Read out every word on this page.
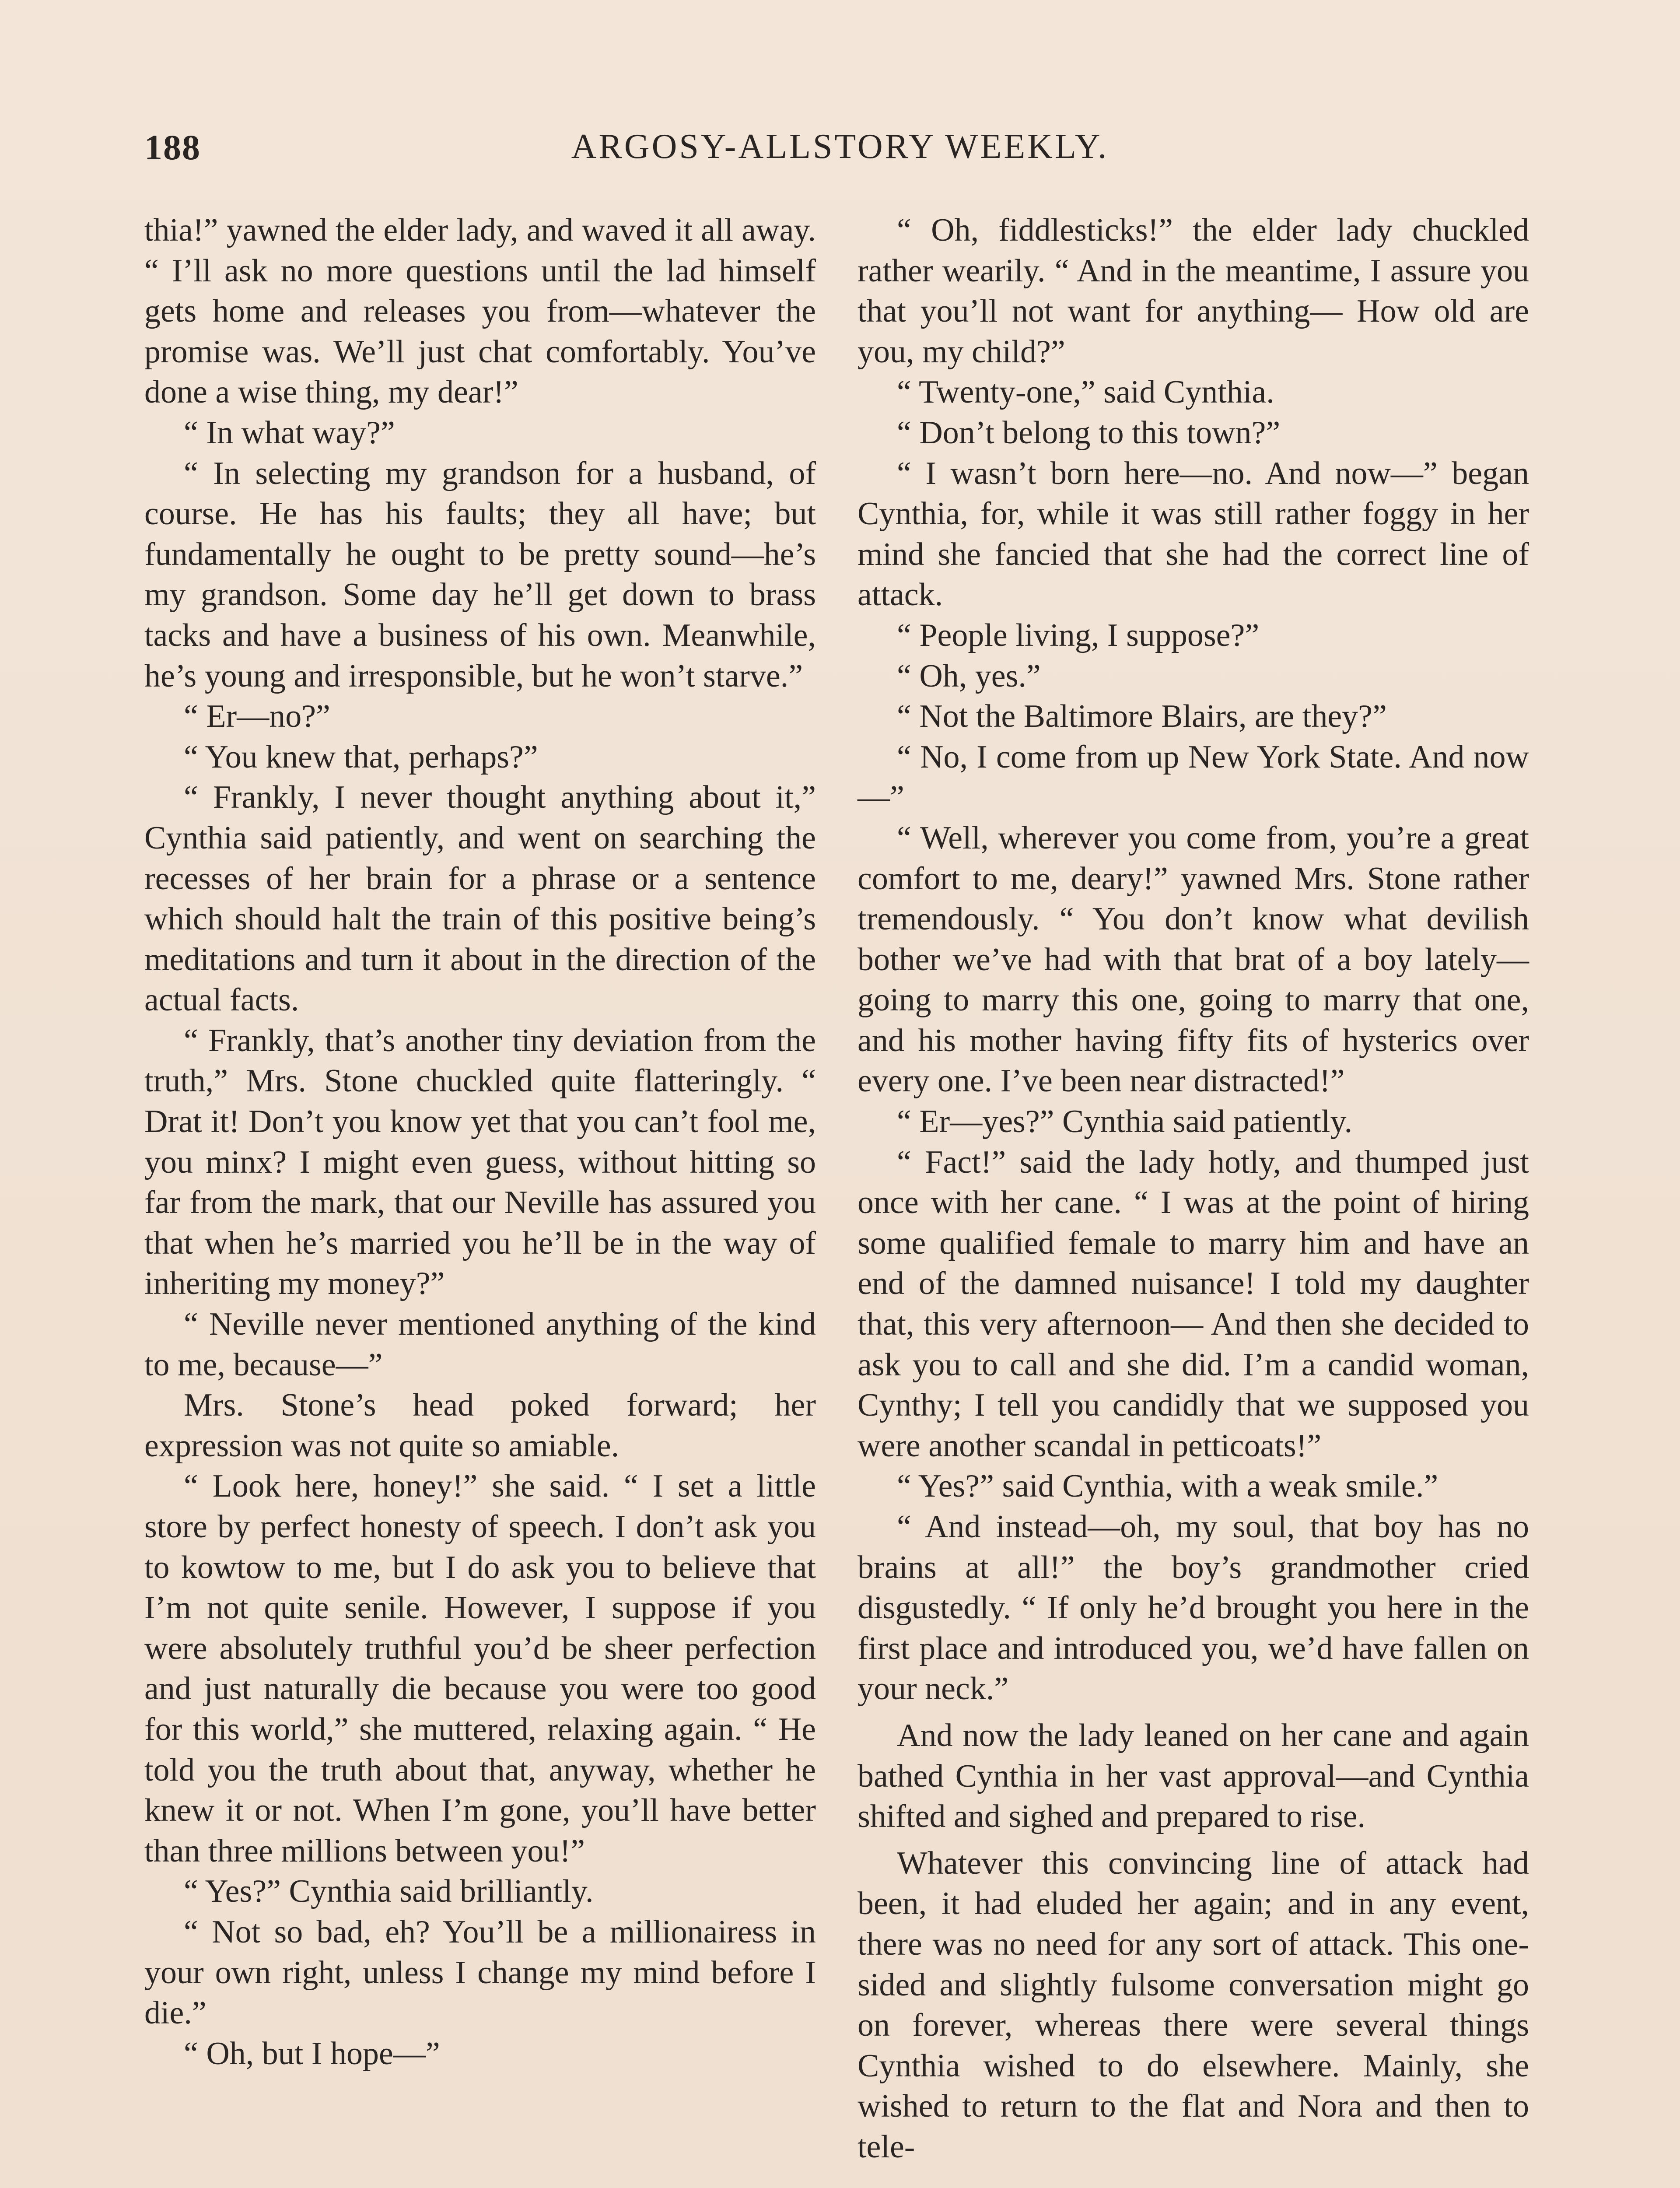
188	ARGOSY-ALLSTORY WEEKLY.

thia!” yawned the elder lady, and waved it all away. “ I’ll ask no more questions until the lad himself gets home and releases you from—whatever the promise was. We’ll just chat comfortably. You’ve done a wise thing, my dear!”

“ In what way?”

“ In selecting my grandson for a husband, of course. He has his faults; they all have; but fundamentally he ought to be pretty sound—he’s my grandson. Some day he’ll get down to brass tacks and have a business of his own. Meanwhile, he’s young and irresponsible, but he won’t starve.”

“ Er—no?”

“ You knew that, perhaps?”

“ Frankly, I never thought anything about it,” Cynthia said patiently, and went on searching the recesses of her brain for a phrase or a sentence which should halt the train of this positive being’s meditations and turn it about in the direction of the actual facts.

“ Frankly, that’s another tiny deviation from the truth,” Mrs. Stone chuckled quite flatteringly. “ Drat it! Don’t you know yet that you can’t fool me, you minx? I might even guess, without hitting so far from the mark, that our Neville has assured you that when he’s married you he’ll be in the way of inheriting my money?”

“ Neville never mentioned anything of the kind to me, because—”

Mrs. Stone’s head poked forward; her expression was not quite so amiable.

“ Look here, honey!” she said. “ I set a little store by perfect honesty of speech. I don’t ask you to kowtow to me, but I do ask you to believe that I’m not quite senile. However, I suppose if you were absolutely truthful you’d be sheer perfection and just naturally die because you were too good for this world,” she muttered, relaxing again. “ He told you the truth about that, anyway, whether he knew it or not. When I’m gone, you’ll have better than three millions between you!”

“ Yes?” Cynthia said brilliantly.

“ Not so bad, eh? You’ll be a millionairess in your own right, unless I change my mind before I die.”

“ Oh, but I hope—”

“ Oh, fiddlesticks!” the elder lady chuckled rather wearily. “ And in the meantime, I assure you that you’ll not want for anything— How old are you, my child?”

“ Twenty-one,” said Cynthia.

“ Don’t belong to this town?”

“ I wasn’t born here—no. And now—” began Cynthia, for, while it was still rather foggy in her mind she fancied that she had the correct line of attack.

“ People living, I suppose?”

“ Oh, yes.”

“ Not the Baltimore Blairs, are they?”

“ No, I come from up New York State. And now—”

“ Well, wherever you come from, you’re a great comfort to me, deary!” yawned Mrs. Stone rather tremendously. “ You don’t know what devilish bother we’ve had with that brat of a boy lately—going to marry this one, going to marry that one, and his mother having fifty fits of hysterics over every one. I’ve been near distracted!”

“ Er—yes?” Cynthia said patiently.

“ Fact!” said the lady hotly, and thumped just once with her cane. “ I was at the point of hiring some qualified female to marry him and have an end of the damned nuisance! I told my daughter that, this very afternoon— And then she decided to ask you to call and she did. I’m a candid woman, Cynthy; I tell you candidly that we supposed you were another scandal in petticoats!”

“ Yes?” said Cynthia, with a weak smile.”

“ And instead—oh, my soul, that boy has no brains at all!” the boy’s grandmother cried disgustedly. “ If only he’d brought you here in the first place and introduced you, we’d have fallen on your neck.”

And now the lady leaned on her cane and again bathed Cynthia in her vast approval—and Cynthia shifted and sighed and prepared to rise.

Whatever this convincing line of attack had been, it had eluded her again; and in any event, there was no need for any sort of attack. This one-sided and slightly fulsome conversation might go on forever, whereas there were several things Cynthia wished to do elsewhere. Mainly, she wished to return to the flat and Nora and then to tele-
